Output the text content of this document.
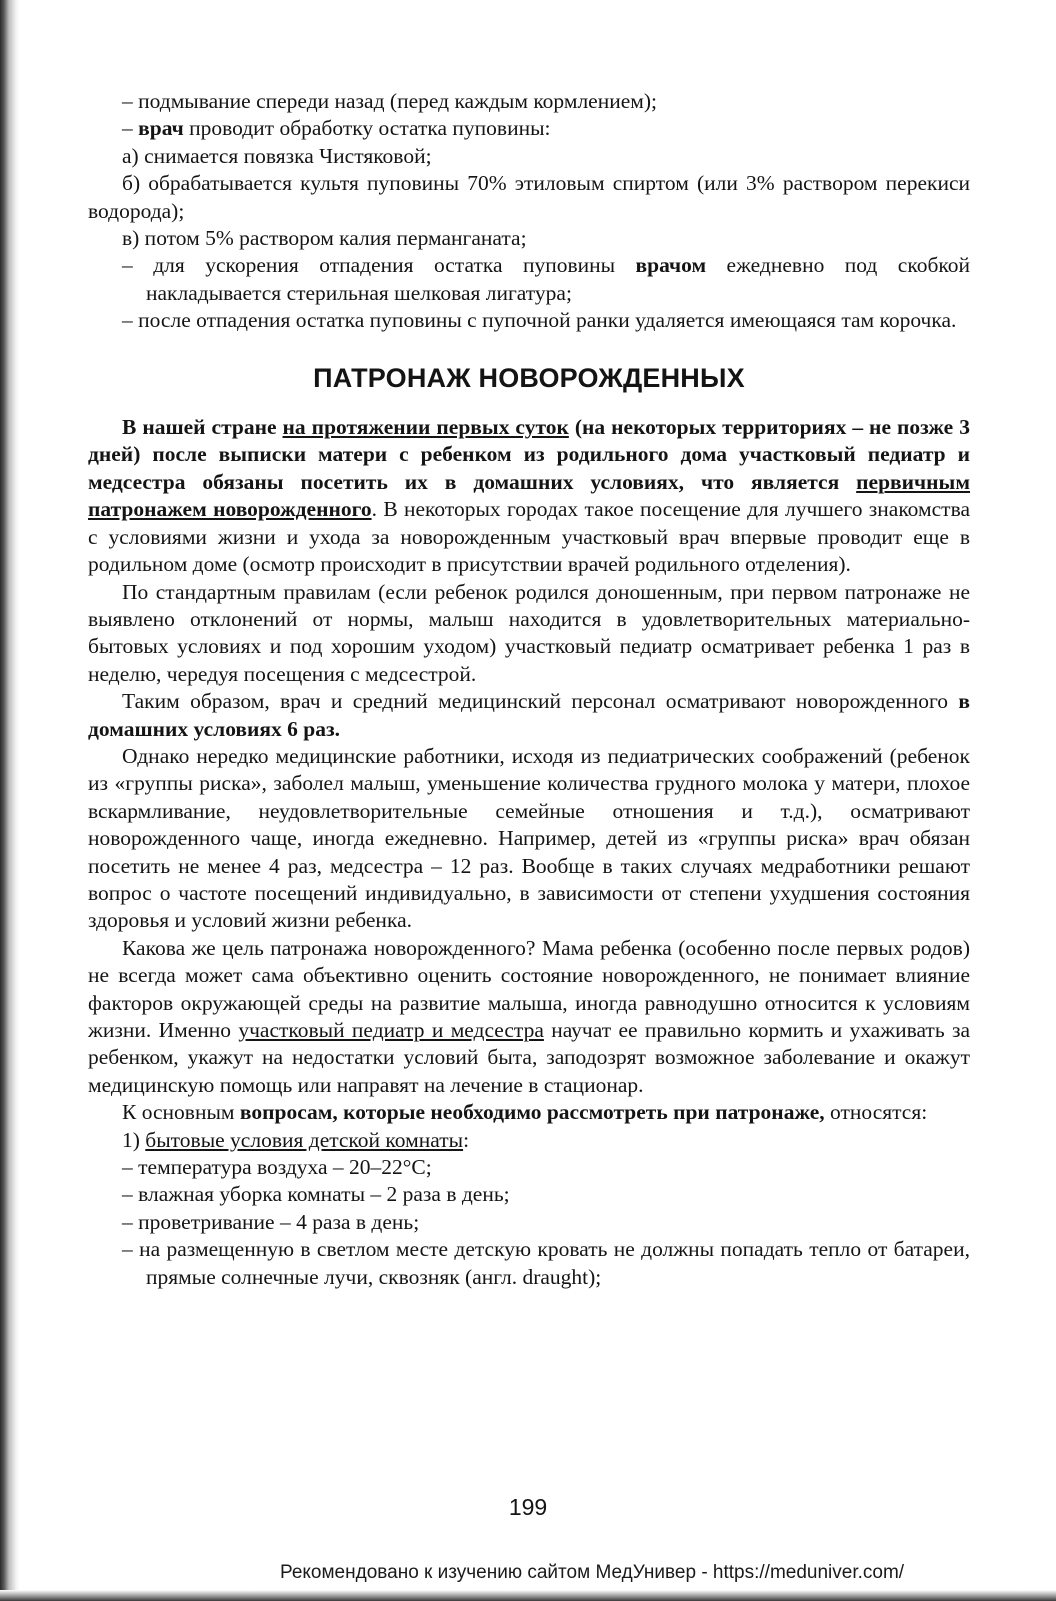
– подмывание спереди назад (перед каждым кормлением);

– врач проводит обработку остатка пуповины:

а) снимается повязка Чистяковой;

б) обрабатывается культя пуповины 70% этиловым спиртом (или 3% раствором перекиси водорода);

в) потом 5% раствором калия перманганата;

– для ускорения отпадения остатка пуповины врачом ежедневно под скобкой накладывается стерильная шелковая лигатура;

– после отпадения остатка пуповины с пупочной ранки удаляется имеющаяся там корочка.

ПАТРОНАЖ НОВОРОЖДЕННЫХ

В нашей стране на протяжении первых суток (на некоторых территориях – не позже 3 дней) после выписки матери с ребенком из родильного дома участковый педиатр и медсестра обязаны посетить их в домашних условиях, что является первичным патронажем новорожденного. В некоторых городах такое посещение для лучшего знакомства с условиями жизни и ухода за новорожденным участковый врач впервые проводит еще в родильном доме (осмотр происходит в присутствии врачей родильного отделения).

По стандартным правилам (если ребенок родился доношенным, при первом патронаже не выявлено отклонений от нормы, малыш находится в удовлетворительных материально-бытовых условиях и под хорошим уходом) участковый педиатр осматривает ребенка 1 раз в неделю, чередуя посещения с медсестрой.

Таким образом, врач и средний медицинский персонал осматривают новорожденного в домашних условиях 6 раз.

Однако нередко медицинские работники, исходя из педиатрических соображений (ребенок из «группы риска», заболел малыш, уменьшение количества грудного молока у матери, плохое вскармливание, неудовлетворительные семейные отношения и т.д.), осматривают новорожденного чаще, иногда ежедневно. Например, детей из «группы риска» врач обязан посетить не менее 4 раз, медсестра – 12 раз. Вообще в таких случаях медработники решают вопрос о частоте посещений индивидуально, в зависимости от степени ухудшения состояния здоровья и условий жизни ребенка.

Какова же цель патронажа новорожденного? Мама ребенка (особенно после первых родов) не всегда может сама объективно оценить состояние новорожденного, не понимает влияние факторов окружающей среды на развитие малыша, иногда равнодушно относится к условиям жизни. Именно участковый педиатр и медсестра научат ее правильно кормить и ухаживать за ребенком, укажут на недостатки условий быта, заподозрят возможное заболевание и окажут медицинскую помощь или направят на лечение в стационар.

К основным вопросам, которые необходимо рассмотреть при патронаже, относятся:

1) бытовые условия детской комнаты:

– температура воздуха – 20–22°С;

– влажная уборка комнаты – 2 раза в день;

– проветривание – 4 раза в день;

– на размещенную в светлом месте детскую кровать не должны попадать тепло от батареи, прямые солнечные лучи, сквозняк (англ. draught);

199
Рекомендовано к изучению сайтом МедУнивер - https://meduniver.com/
